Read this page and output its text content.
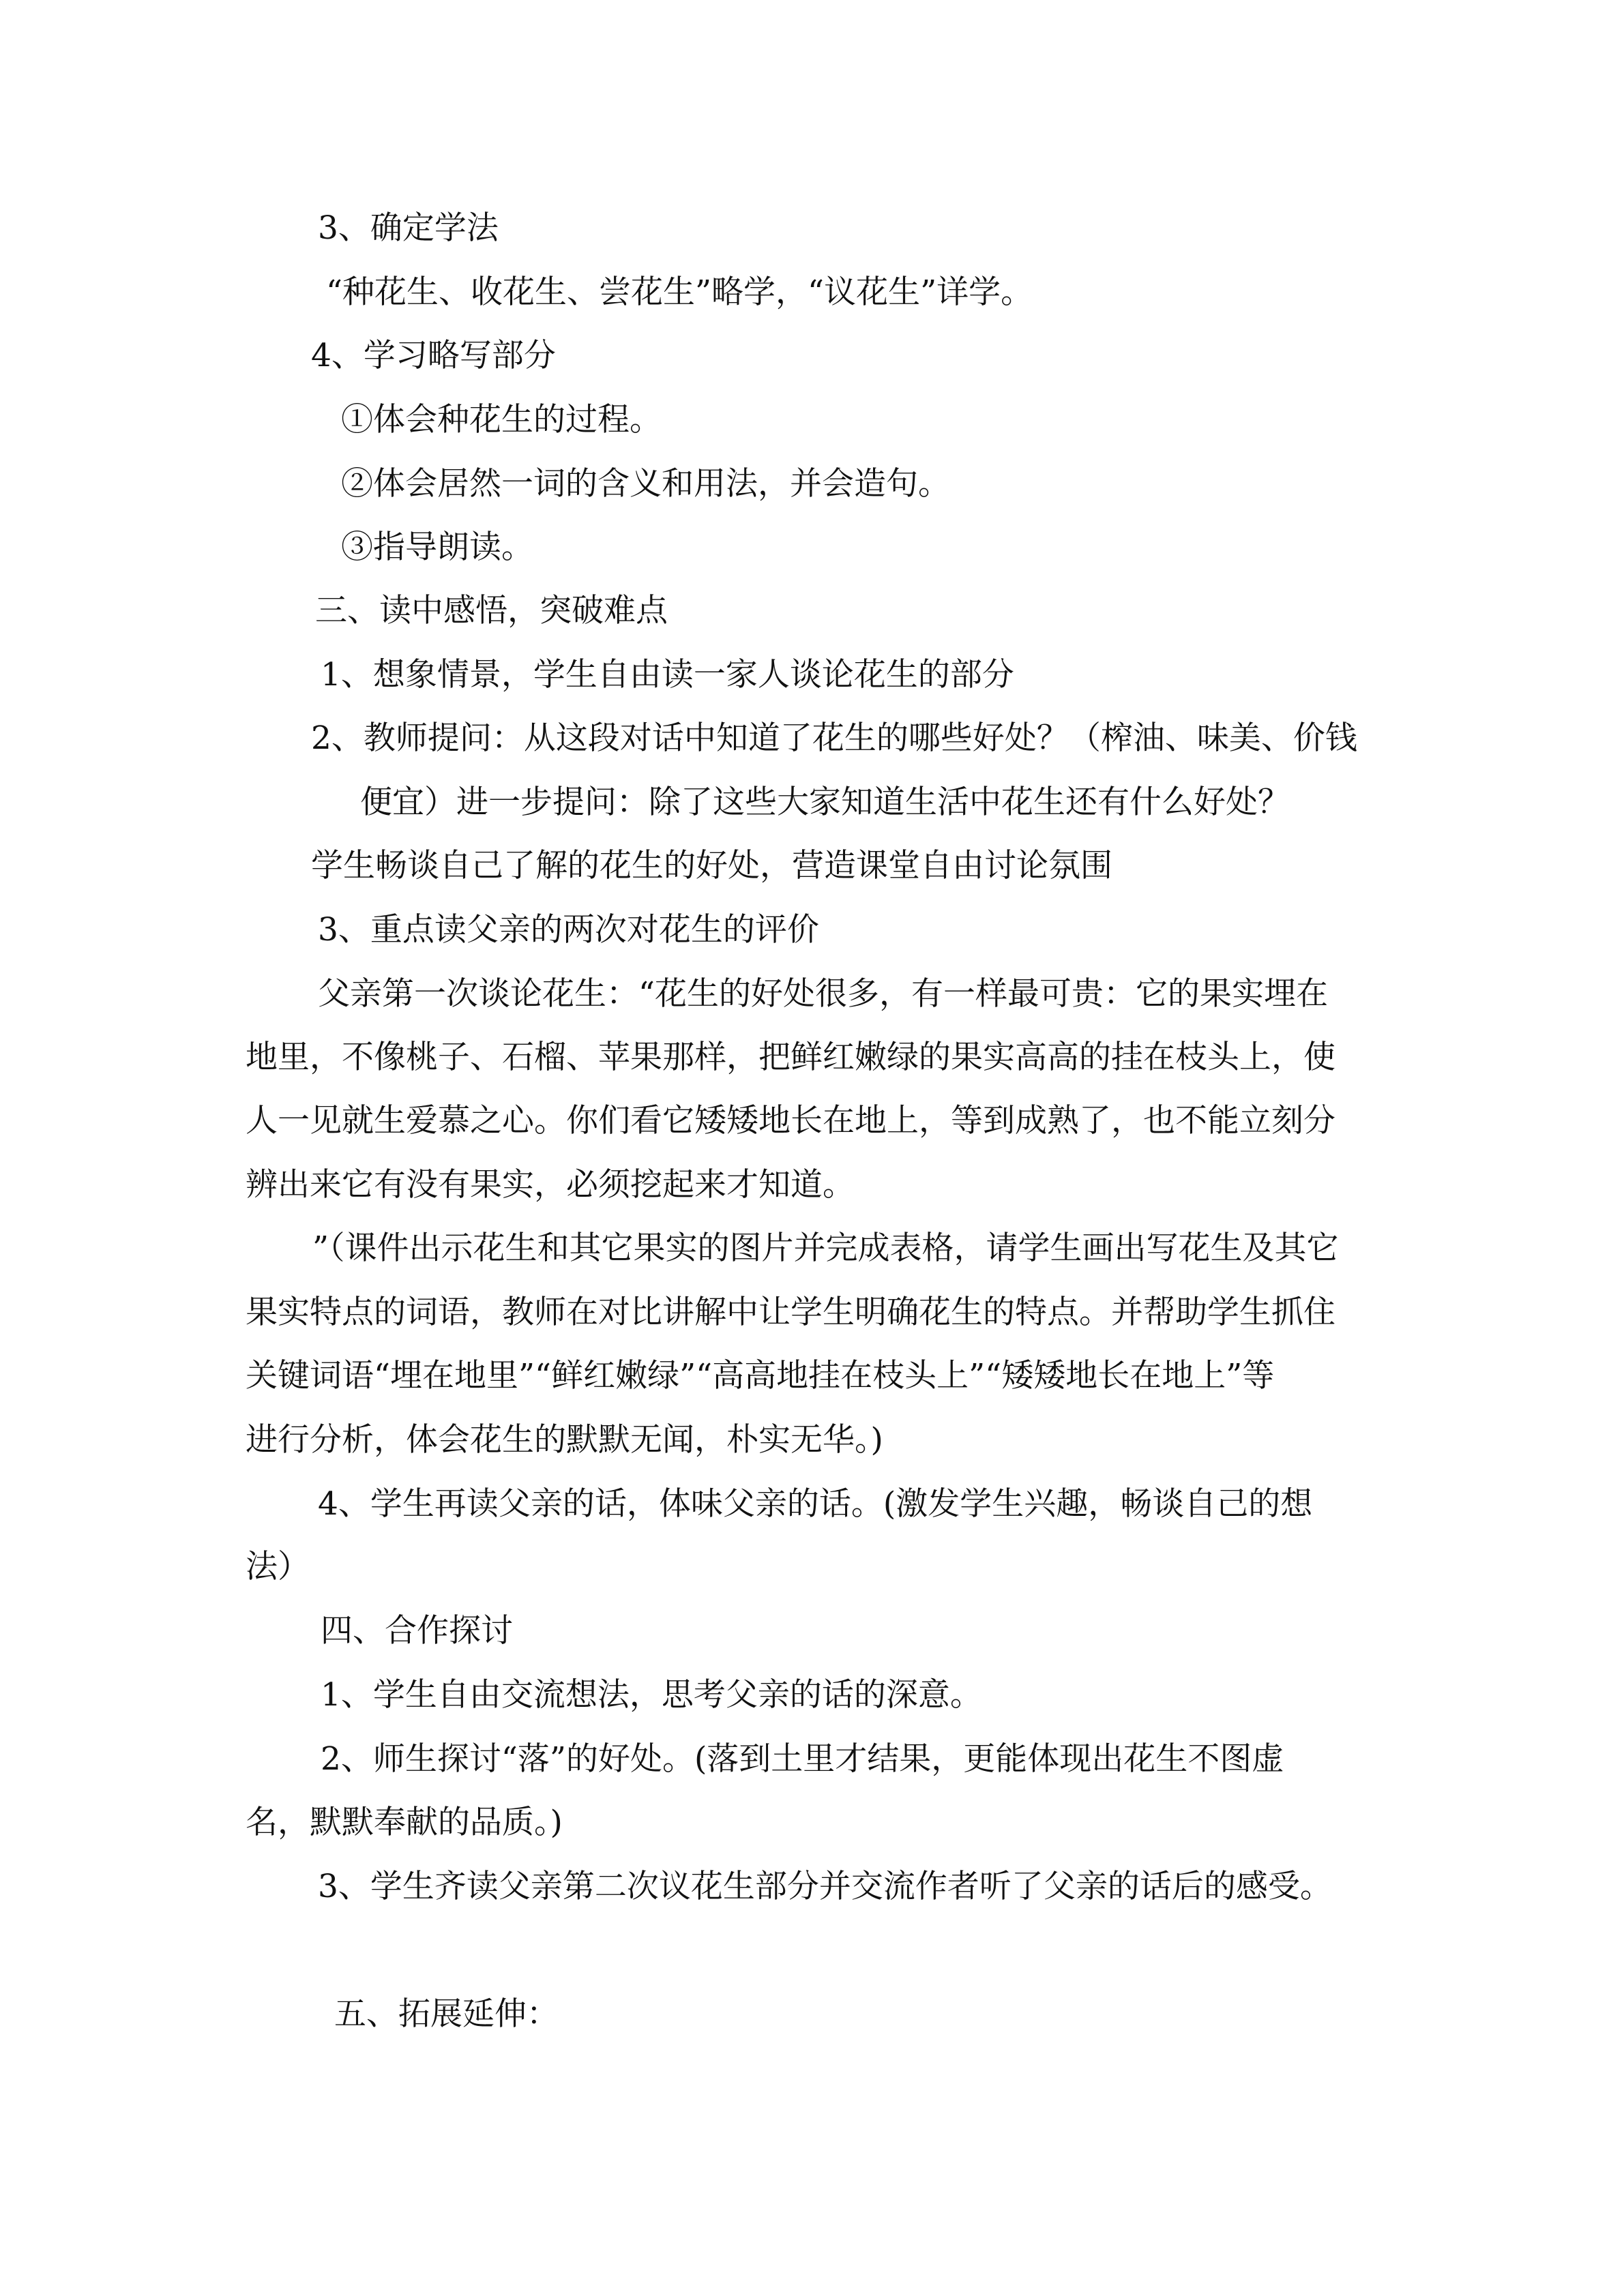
3、确定学法

“种花生、收花生、尝花生”略学，“议花生”详学。

4、学习略写部分

①体会种花生的过程。

②体会居然一词的含义和用法，并会造句。

③指导朗读。

三、读中感悟，突破难点

1、想象情景，学生自由读一家人谈论花生的部分

2、教师提问：从这段对话中知道了花生的哪些好处？（榨油、味美、价钱

便宜）进一步提问：除了这些大家知道生活中花生还有什么好处？

学生畅谈自己了解的花生的好处，营造课堂自由讨论氛围

3、重点读父亲的两次对花生的评价

父亲第一次谈论花生：“花生的好处很多，有一样最可贵：它的果实埋在

地里，不像桃子、石榴、苹果那样，把鲜红嫩绿的果实高高的挂在枝头上，使

人一见就生爱慕之心。你们看它矮矮地长在地上，等到成熟了，也不能立刻分

辨出来它有没有果实，必须挖起来才知道。

”（课件出示花生和其它果实的图片并完成表格，请学生画出写花生及其它

果实特点的词语，教师在对比讲解中让学生明确花生的特点。并帮助学生抓住

关键词语“埋在地里”“鲜红嫩绿”“高高地挂在枝头上”“矮矮地长在地上”等

进行分析，体会花生的默默无闻，朴实无华。)

4、学生再读父亲的话，体味父亲的话。(激发学生兴趣，畅谈自己的想

法）

四、合作探讨

1、学生自由交流想法，思考父亲的话的深意。

2、师生探讨“落”的好处。(落到土里才结果，更能体现出花生不图虚

名，默默奉献的品质。)

3、学生齐读父亲第二次议花生部分并交流作者听了父亲的话后的感受。

五、拓展延伸：
